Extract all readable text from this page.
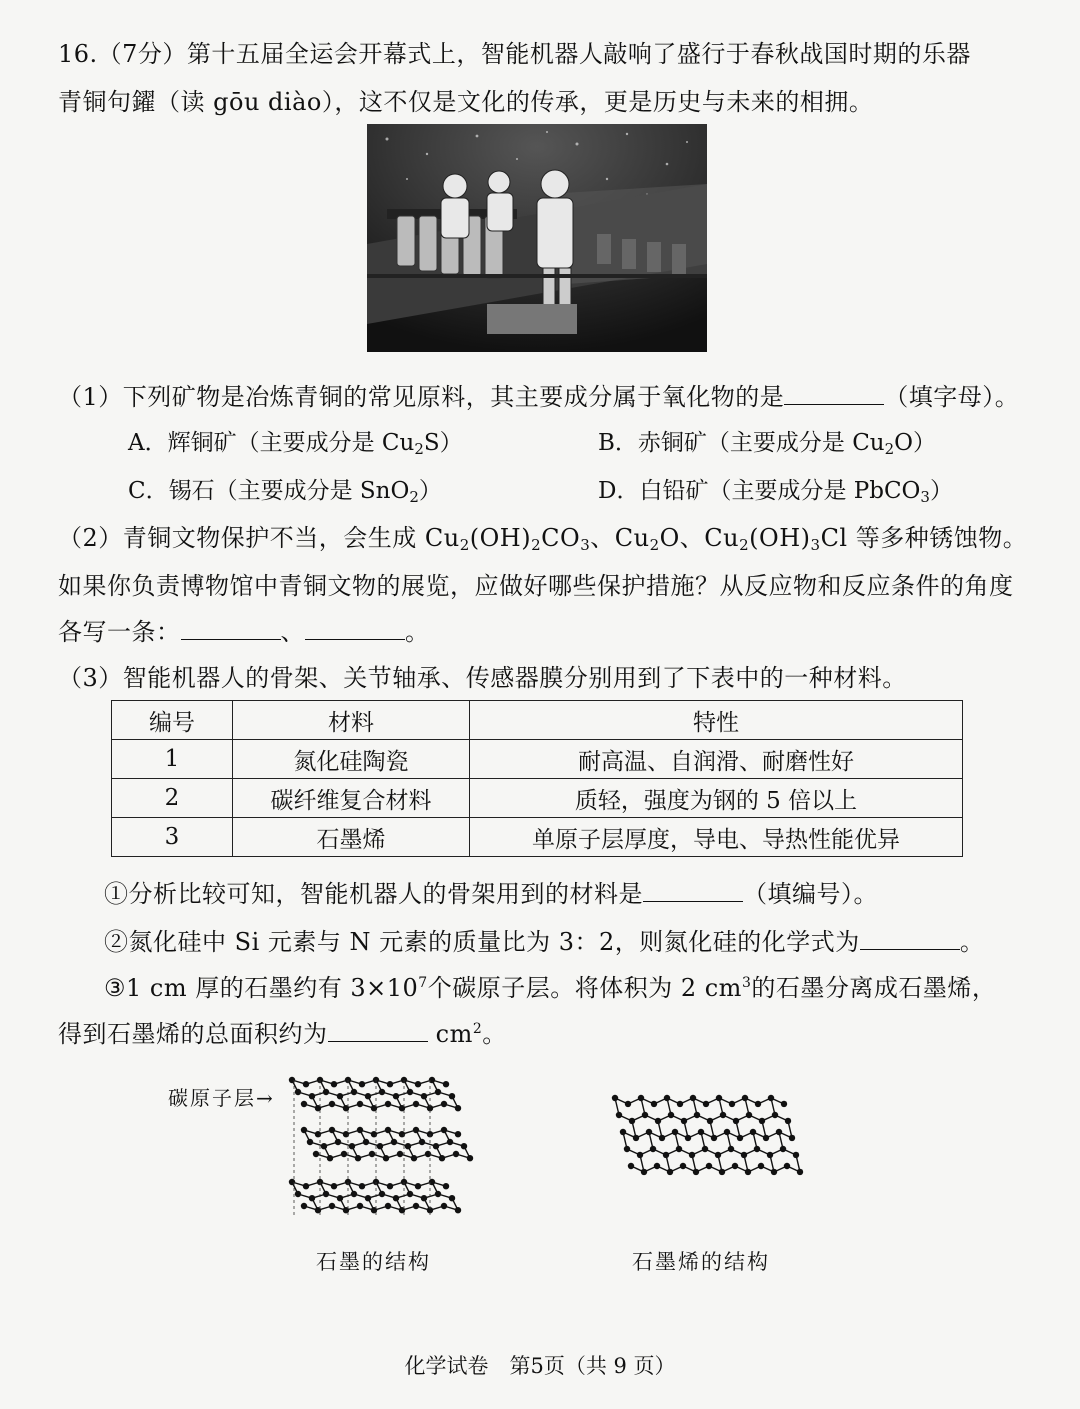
16.（7分）第十五届全运会开幕式上，智能机器人敲响了盛行于春秋战国时期的乐器
青铜句鑃（读 gōu diào），这不仅是文化的传承，更是历史与未来的相拥。
（1）下列矿物是冶炼青铜的常见原料，其主要成分属于氧化物的是	（填字母）。
A．辉铜矿（主要成分是 $Cu_2S$）	B．赤铜矿（主要成分是 $Cu_2O$）
C．锡石（主要成分是 SnO$_2$）	D．白铅矿（主要成分是 PbCO$_3$）
（2）青铜文物保护不当，会生成 $Cu_2(OH)_2CO_3$、$Cu_2O$、$Cu_2(OH)_3Cl$ 等多种锈蚀物。
如果你负责博物馆中青铜文物的展览，应做好哪些保护措施？从反应物和反应条件的角度
各写一条：	、	。
（3）智能机器人的骨架、关节轴承、传感器膜分别用到了下表中的一种材料。
编号	材料	特性
1	氮化硅陶瓷	耐高温、自润滑、耐磨性好
2	碳纤维复合材料	质轻，强度为钢的 5 倍以上
3	石墨烯	单原子层厚度，导电、导热性能优异
①分析比较可知，智能机器人的骨架用到的材料是	（填编号）。
②氮化硅中 Si 元素与 N 元素的质量比为 3：2，则氮化硅的化学式为	。
③1 cm 厚的石墨约有 $3\times 10^7$个碳原子层。将体积为 2 $cm^3$的石墨分离成石墨烯，
得到石墨烯的总面积约为	$cm^2$。
碳原子层→
石墨的结构	石墨烯的结构
化学试卷　第5页（共 9 页）
